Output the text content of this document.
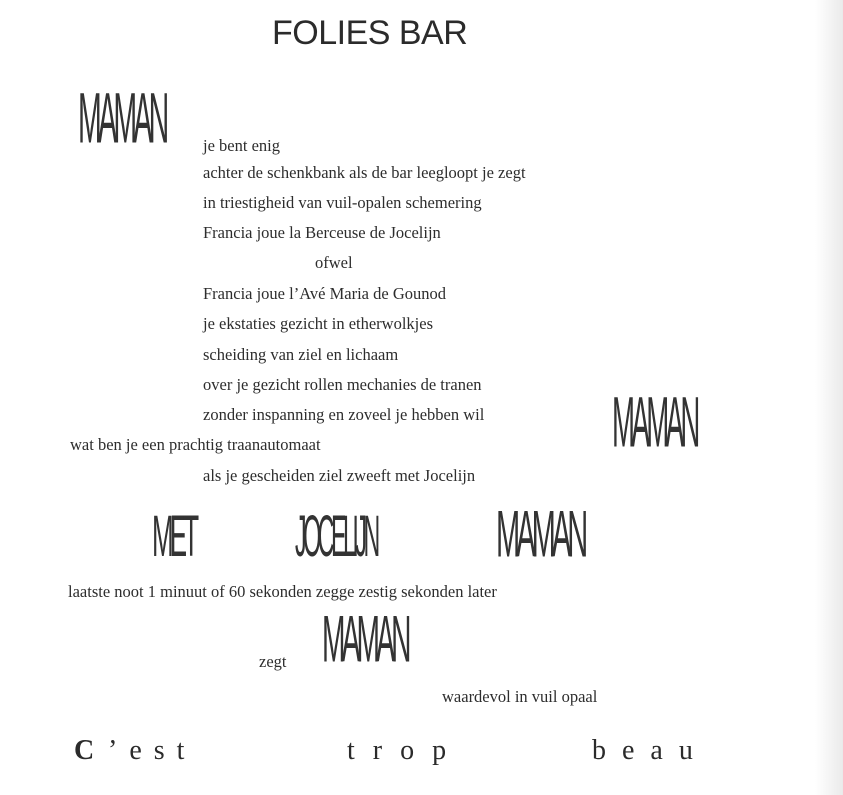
FOLIES BAR
MAMAN
MAMAN
MET JOCELIJN	MAMAN
MAMAN
je bent enig
achter de schenkbank als de bar leegloopt je zegt
in triestigheid van vuil-opalen schemering
Francia joue la Berceuse de Jocelijn
ofwel
Francia joue l’Avé Maria de Gounod
je ekstaties gezicht in etherwolkjes
scheiding van ziel en lichaam
over je gezicht rollen mechanies de tranen
zonder inspanning en zoveel je hebben wil
wat ben je een prachtig traanautomaat
als je gescheiden ziel zweeft met Jocelijn
laatste noot 1 minuut of 60 sekonden zegge zestig sekonden later
zegt
waardevol in vuil opaal
C ’est	trop	beau
